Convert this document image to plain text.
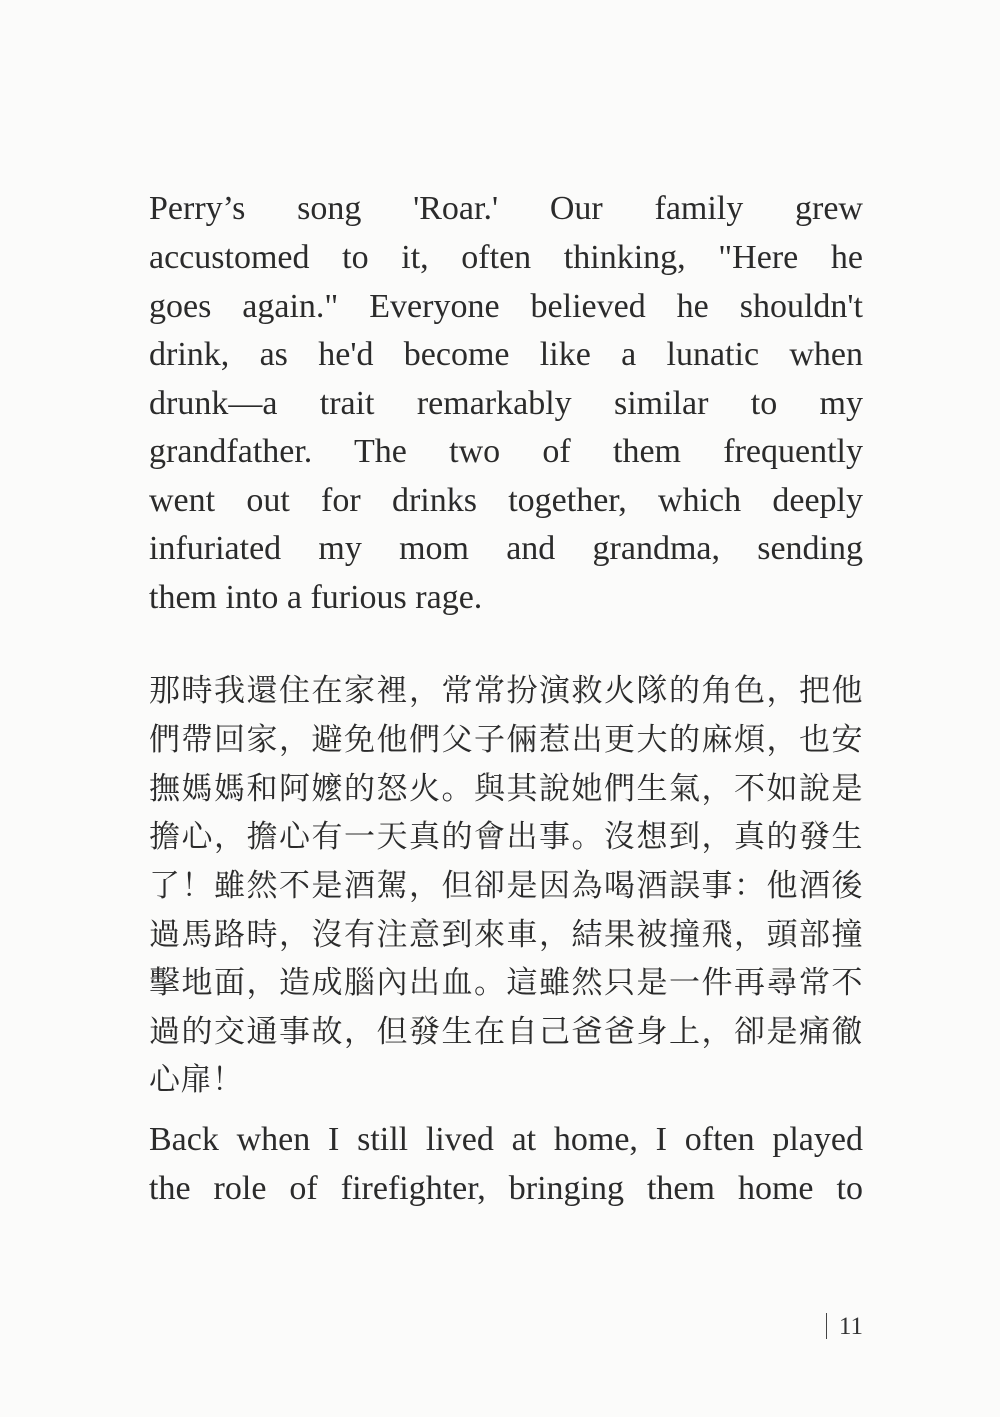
Perry’s song 'Roar.' Our family grew
accustomed to it, often thinking, "Here he
goes again." Everyone believed he shouldn't
drink, as he'd become like a lunatic when
drunk—a trait remarkably similar to my
grandfather. The two of them frequently
went out for drinks together, which deeply
infuriated my mom and grandma, sending
them into a furious rage.
那時我還住在家裡，常常扮演救火隊的角色，把他
們帶回家，避免他們父子倆惹出更大的麻煩，也安
撫媽媽和阿嬤的怒火。與其說她們生氣，不如說是
擔心，擔心有一天真的會出事。沒想到，真的發生
了！雖然不是酒駕，但卻是因為喝酒誤事：他酒後
過馬路時，沒有注意到來車，結果被撞飛，頭部撞
擊地面，造成腦內出血。這雖然只是一件再尋常不
過的交通事故，但發生在自己爸爸身上，卻是痛徹
心扉！
Back when I still lived at home, I often played
the role of firefighter, bringing them home to
11
